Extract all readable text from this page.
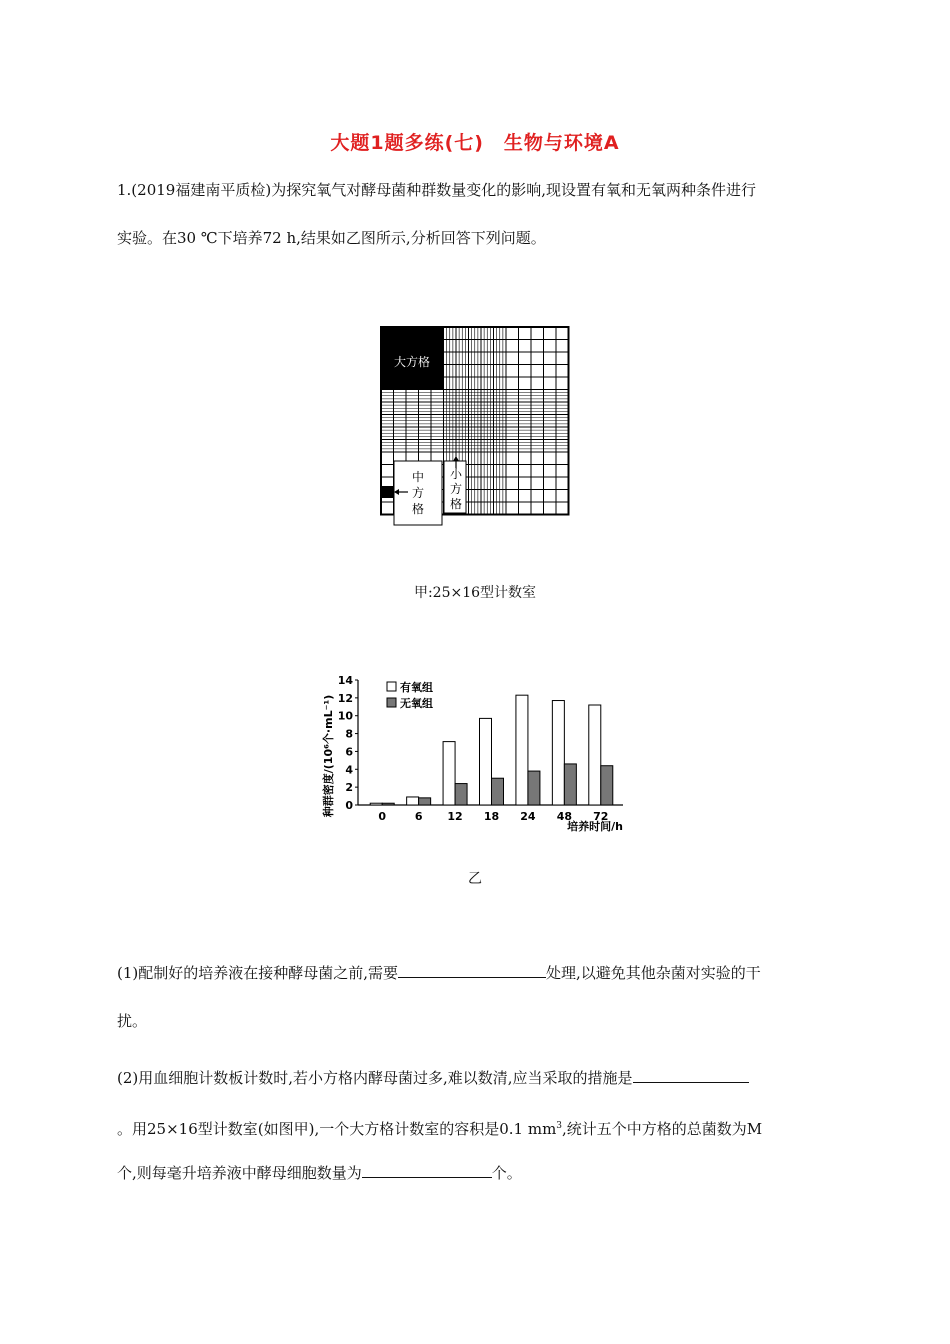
大题1题多练(七)　生物与环境A
1.(2019福建南平质检)为探究氧气对酵母菌种群数量变化的影响,现设置有氧和无氧两种条件进行
实验。在30 ℃下培养72 h,结果如乙图所示,分析回答下列问题。
大方格
中
方
格
小
方
格
甲:25×16型计数室
0
2
4
6
8
10
12
14
0	6 12 18 24 48 72
有氧组
无氧组
种群密度/(10⁶个·mL⁻¹)
培养时间/h
乙
(1)配制好的培养液在接种酵母菌之前,需要	处理,以避免其他杂菌对实验的干
扰。
(2)用血细胞计数板计数时,若小方格内酵母菌过多,难以数清,应当采取的措施是
。用25×16型计数室(如图甲),一个大方格计数室的容积是0.1 $mm^3$,统计五个中方格的总菌数为M
个,则每毫升培养液中酵母细胞数量为	个。
